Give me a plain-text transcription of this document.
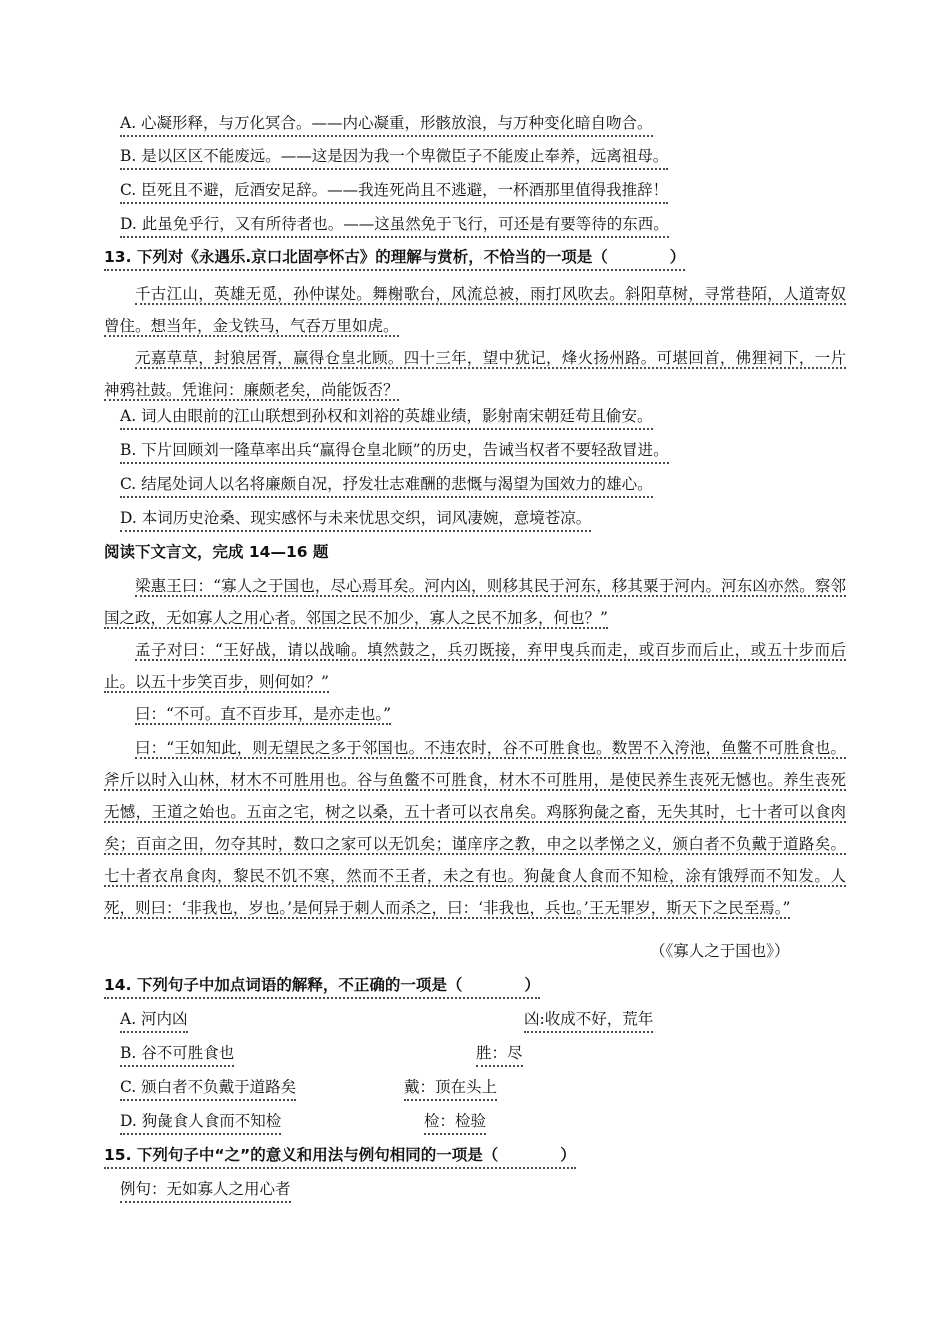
A. 心凝形释，与万化冥合。——内心凝重，形骸放浪，与万种变化暗自吻合。
B. 是以区区不能废远。——这是因为我一个卑微臣子不能废止奉养，远离祖母。
C. 臣死且不避，卮酒安足辞。——我连死尚且不逃避，一杯酒那里值得我推辞！
D. 此虽免乎行，又有所待者也。——这虽然免于飞行，可还是有要等待的东西。
13. 下列对《永遇乐.京口北固亭怀古》的理解与赏析，不恰当的一项是（　　　　）
千古江山，英雄无觅，孙仲谋处。舞榭歌台，风流总被，雨打风吹去。斜阳草树，寻常巷陌，人道寄奴曾住。想当年，金戈铁马，气吞万里如虎。
元嘉草草，封狼居胥，赢得仓皇北顾。四十三年，望中犹记，烽火扬州路。可堪回首，佛狸祠下，一片神鸦社鼓。凭谁问：廉颇老矣，尚能饭否？
A. 词人由眼前的江山联想到孙权和刘裕的英雄业绩，影射南宋朝廷苟且偷安。
B. 下片回顾刘一隆草率出兵“赢得仓皇北顾”的历史，告诫当权者不要轻敌冒进。
C. 结尾处词人以名将廉颇自况，抒发壮志难酬的悲慨与渴望为国效力的雄心。
D. 本词历史沧桑、现实感怀与未来忧思交织，词风凄婉，意境苍凉。
阅读下文言文，完成 14—16 题
梁惠王曰：“寡人之于国也，尽心焉耳矣。河内凶，则移其民于河东，移其粟于河内。河东凶亦然。察邻国之政，无如寡人之用心者。邻国之民不加少，寡人之民不加多，何也？”
孟子对曰：“王好战，请以战喻。填然鼓之，兵刃既接，弃甲曳兵而走，或百步而后止，或五十步而后止。以五十步笑百步，则何如？”
曰：“不可。直不百步耳，是亦走也。”
曰：“王如知此，则无望民之多于邻国也。不违农时，谷不可胜食也。数罟不入洿池，鱼鳖不可胜食也。斧斤以时入山林，材木不可胜用也。谷与鱼鳖不可胜食，材木不可胜用，是使民养生丧死无憾也。养生丧死无憾，王道之始也。五亩之宅，树之以桑，五十者可以衣帛矣。鸡豚狗彘之畜，无失其时，七十者可以食肉矣；百亩之田，勿夺其时，数口之家可以无饥矣；谨庠序之教，申之以孝悌之义，颁白者不负戴于道路矣。七十者衣帛食肉，黎民不饥不寒，然而不王者，未之有也。狗彘食人食而不知检，涂有饿殍而不知发。人死，则曰：‘非我也，岁也。’是何异于刺人而杀之，曰：‘非我也，兵也。’王无罪岁，斯天下之民至焉。”
（《寡人之于国也》）
14. 下列句子中加点词语的解释，不正确的一项是（　　　　）
A. 河内凶	凶:收成不好，荒年
B. 谷不可胜食也	胜：尽
C. 颁白者不负戴于道路矣	戴：顶在头上
D. 狗彘食人食而不知检	检：检验
15. 下列句子中“之”的意义和用法与例句相同的一项是（　　　　）
例句：无如寡人之用心者
